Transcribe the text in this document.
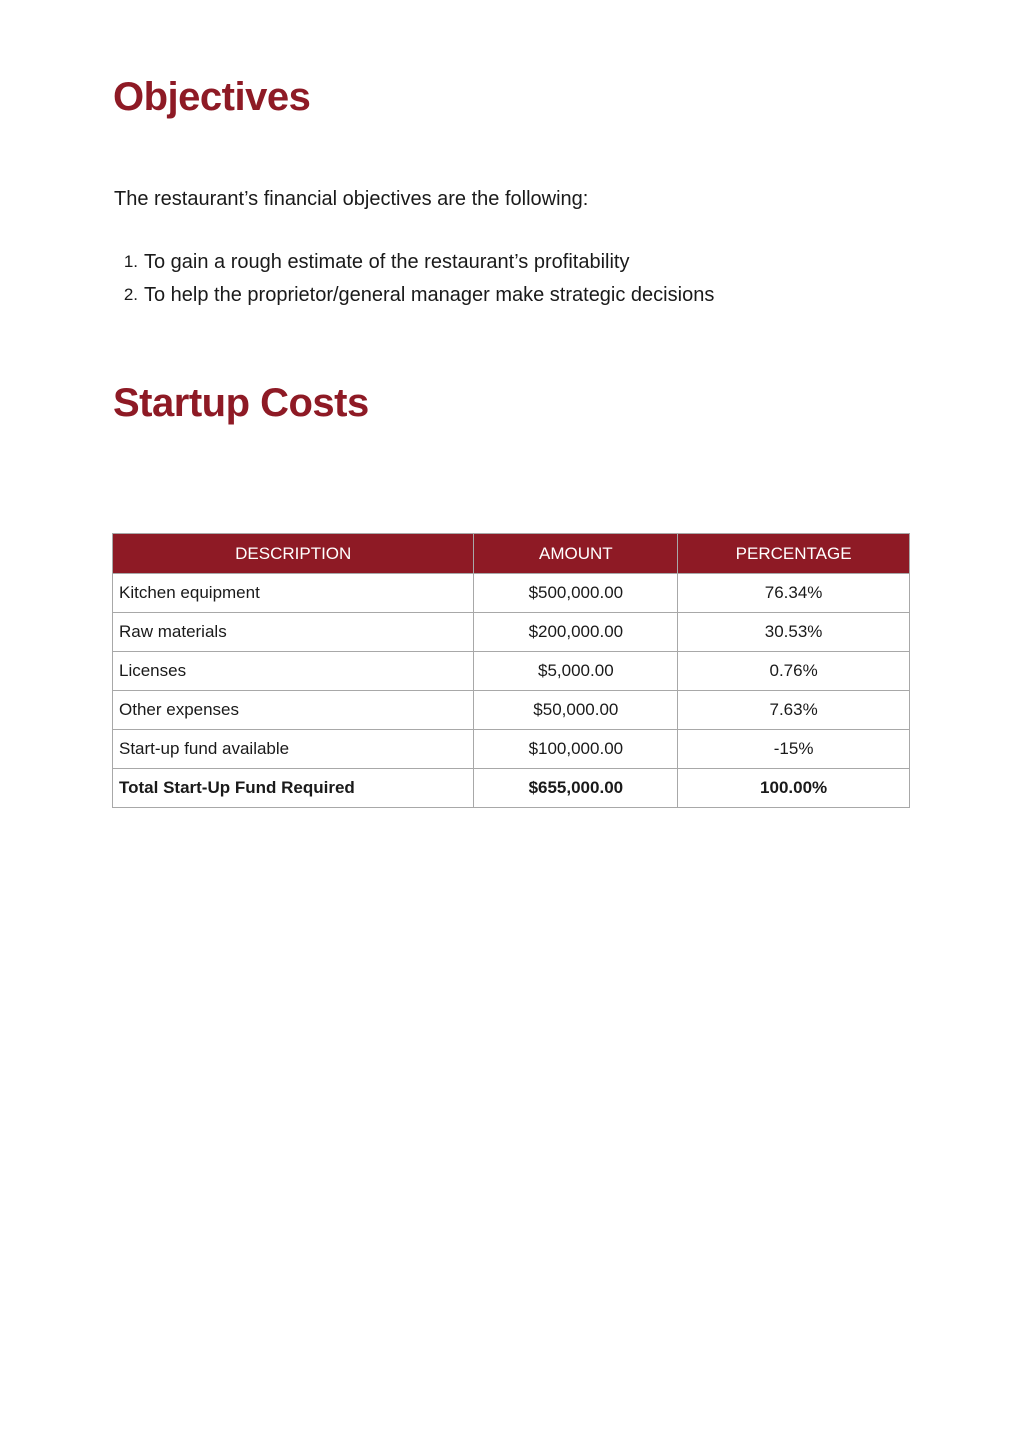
Objectives

The restaurant’s financial objectives are the following:

1. To gain a rough estimate of the restaurant’s profitability
2. To help the proprietor/general manager make strategic decisions
Startup Costs
DESCRIPTION	AMOUNT	PERCENTAGE
Kitchen equipment	$500,000.00	76.34%
Raw materials	$200,000.00	30.53%
Licenses	$5,000.00	0.76%
Other expenses	$50,000.00	7.63%
Start-up fund available	$100,000.00	-15%
Total Start-Up Fund Required	$655,000.00	100.00%
